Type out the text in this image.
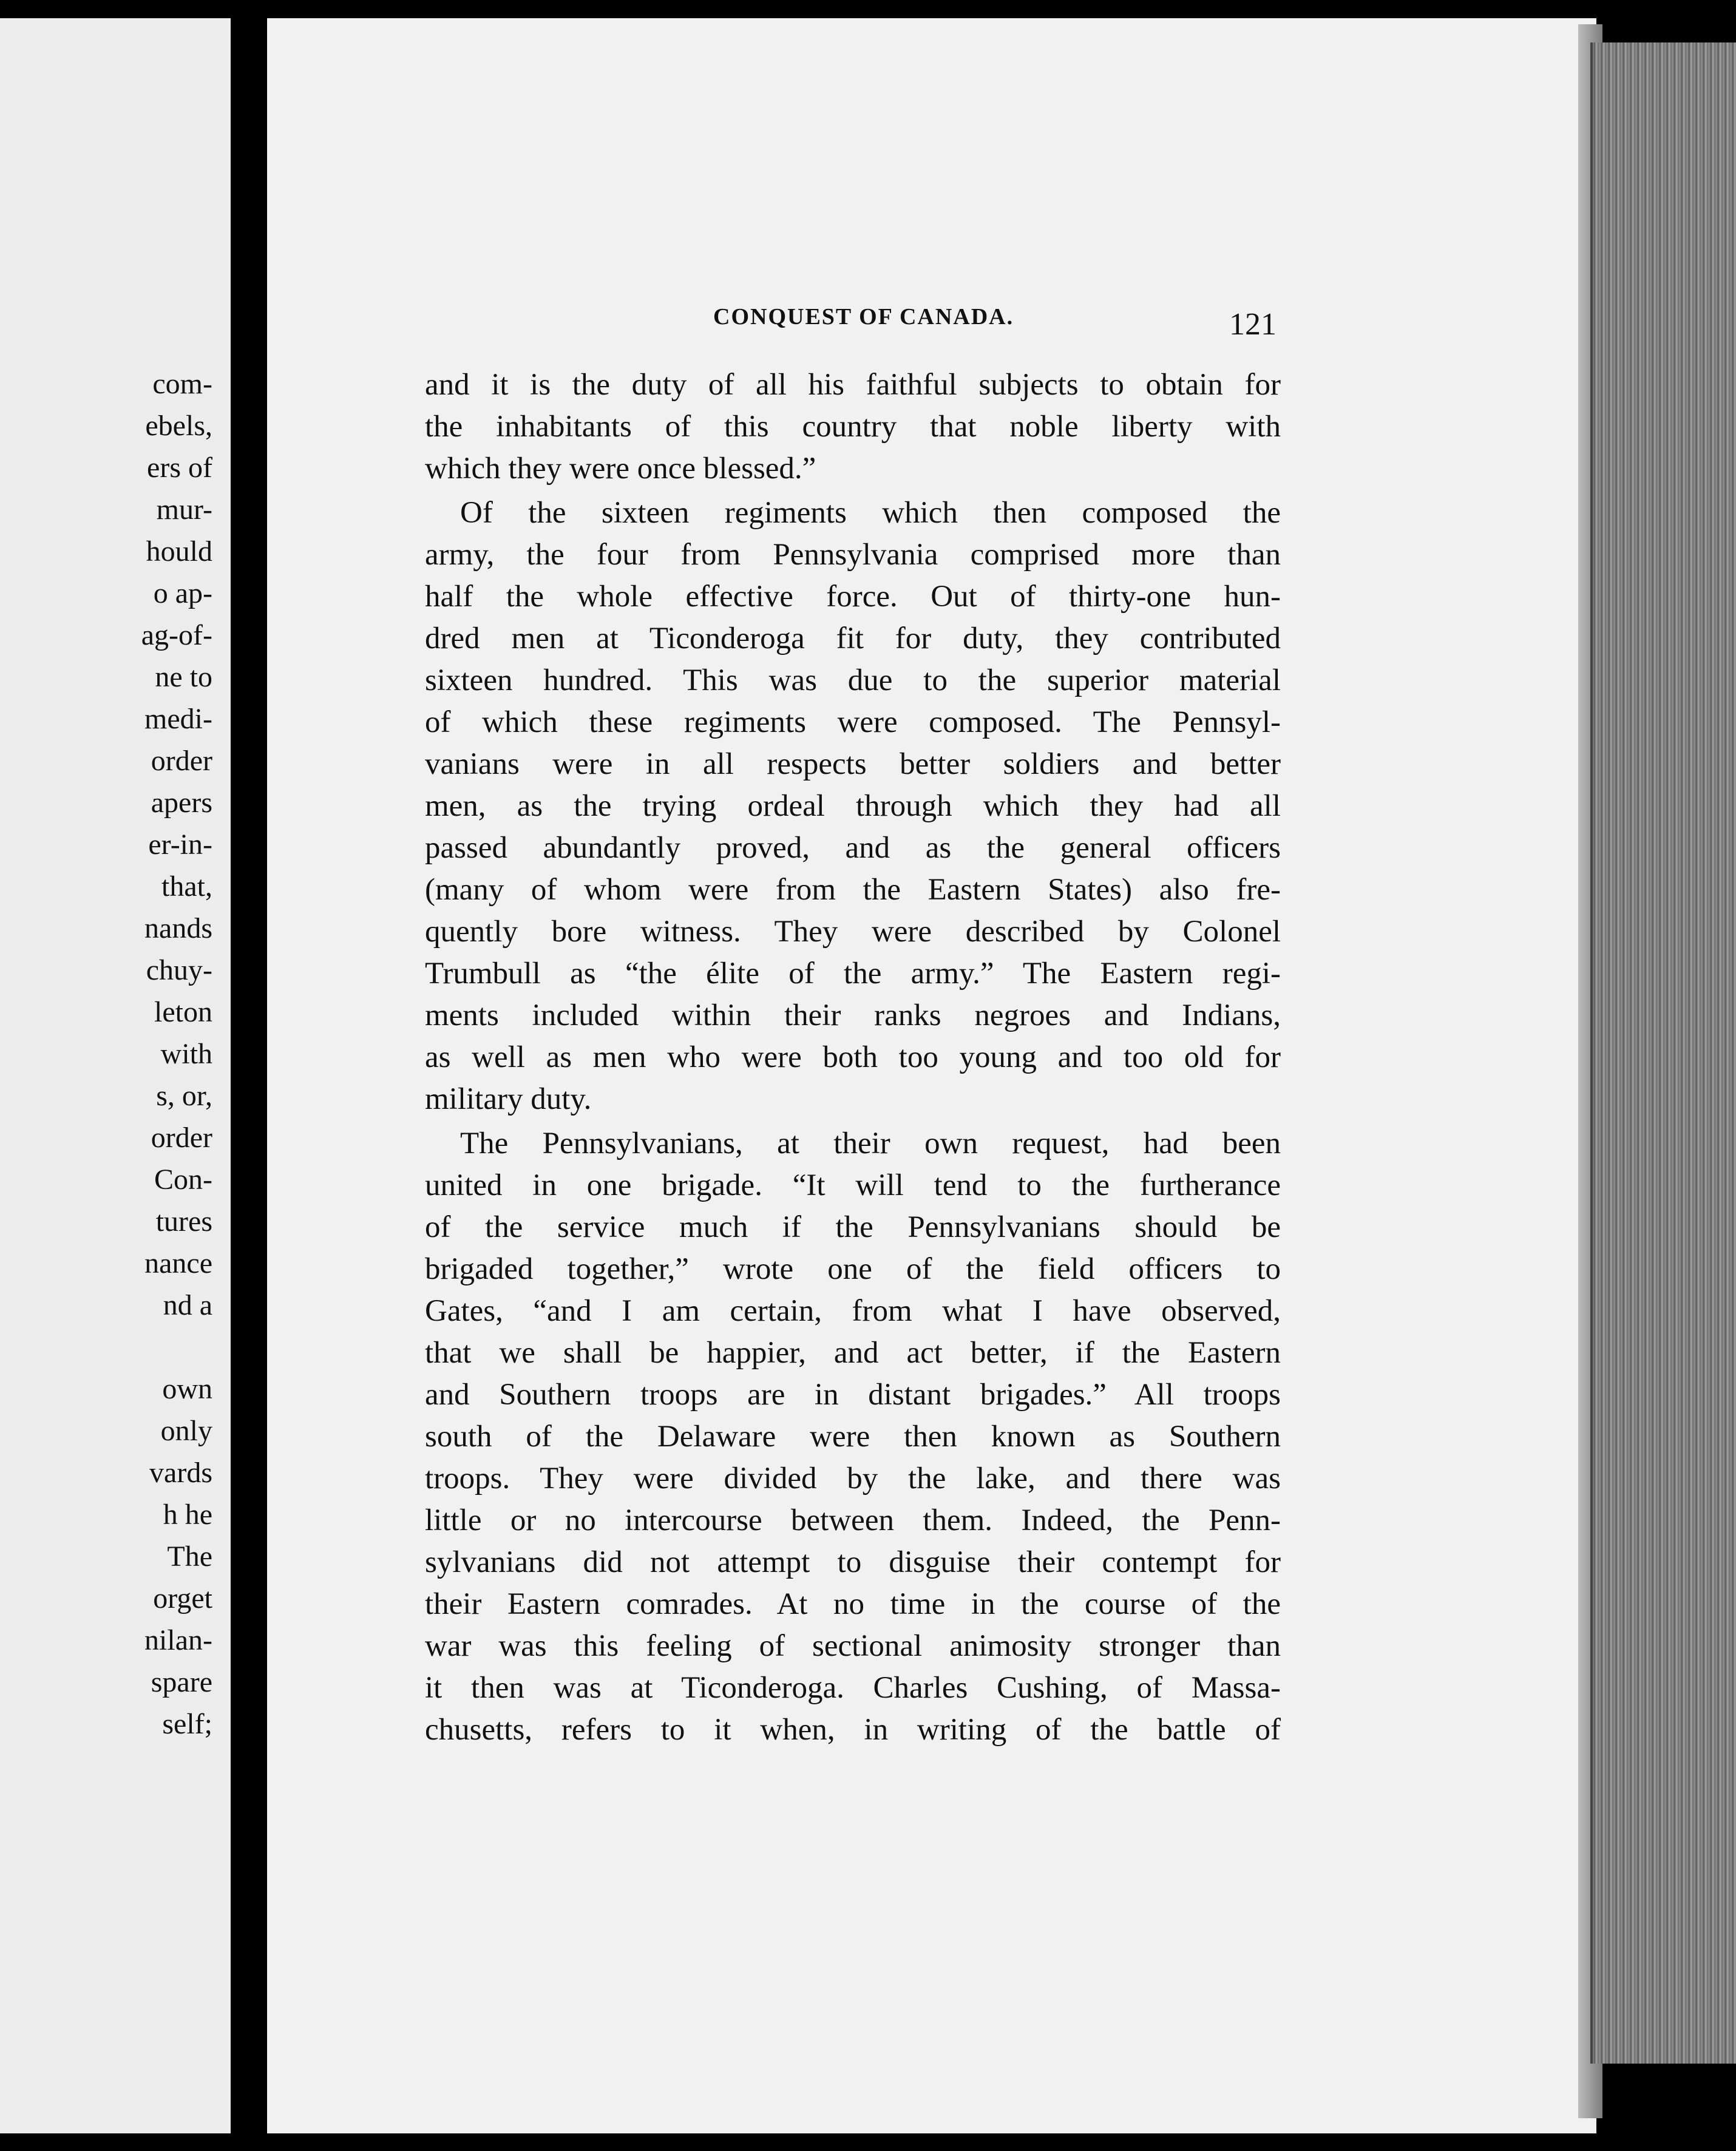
com-
ebels,
ers of
mur-
hould
o ap-
ag-of-
ne to
medi-
order
apers
er-in-
that,
nands
chuy-
leton
with
s, or,
order
Con-
tures
nance
nd a
own
only
vards
h he
The
orget
nilan-
spare
self;
CONQUEST OF CANADA.	121
and it is the duty of all his faithful subjects to obtain for
the inhabitants of this country that noble liberty with
which they were once blessed.”
Of the sixteen regiments which then composed the
army, the four from Pennsylvania comprised more than
half the whole effective force. Out of thirty-one hun-
dred men at Ticonderoga fit for duty, they contributed
sixteen hundred. This was due to the superior material
of which these regiments were composed. The Pennsyl-
vanians were in all respects better soldiers and better
men, as the trying ordeal through which they had all
passed abundantly proved, and as the general officers
(many of whom were from the Eastern States) also fre-
quently bore witness. They were described by Colonel
Trumbull as “the élite of the army.” The Eastern regi-
ments included within their ranks negroes and Indians,
as well as men who were both too young and too old for
military duty.
The Pennsylvanians, at their own request, had been
united in one brigade. “It will tend to the furtherance
of the service much if the Pennsylvanians should be
brigaded together,” wrote one of the field officers to
Gates, “and I am certain, from what I have observed,
that we shall be happier, and act better, if the Eastern
and Southern troops are in distant brigades.” All troops
south of the Delaware were then known as Southern
troops. They were divided by the lake, and there was
little or no intercourse between them. Indeed, the Penn-
sylvanians did not attempt to disguise their contempt for
their Eastern comrades. At no time in the course of the
war was this feeling of sectional animosity stronger than
it then was at Ticonderoga. Charles Cushing, of Massa-
chusetts, refers to it when, in writing of the battle of
